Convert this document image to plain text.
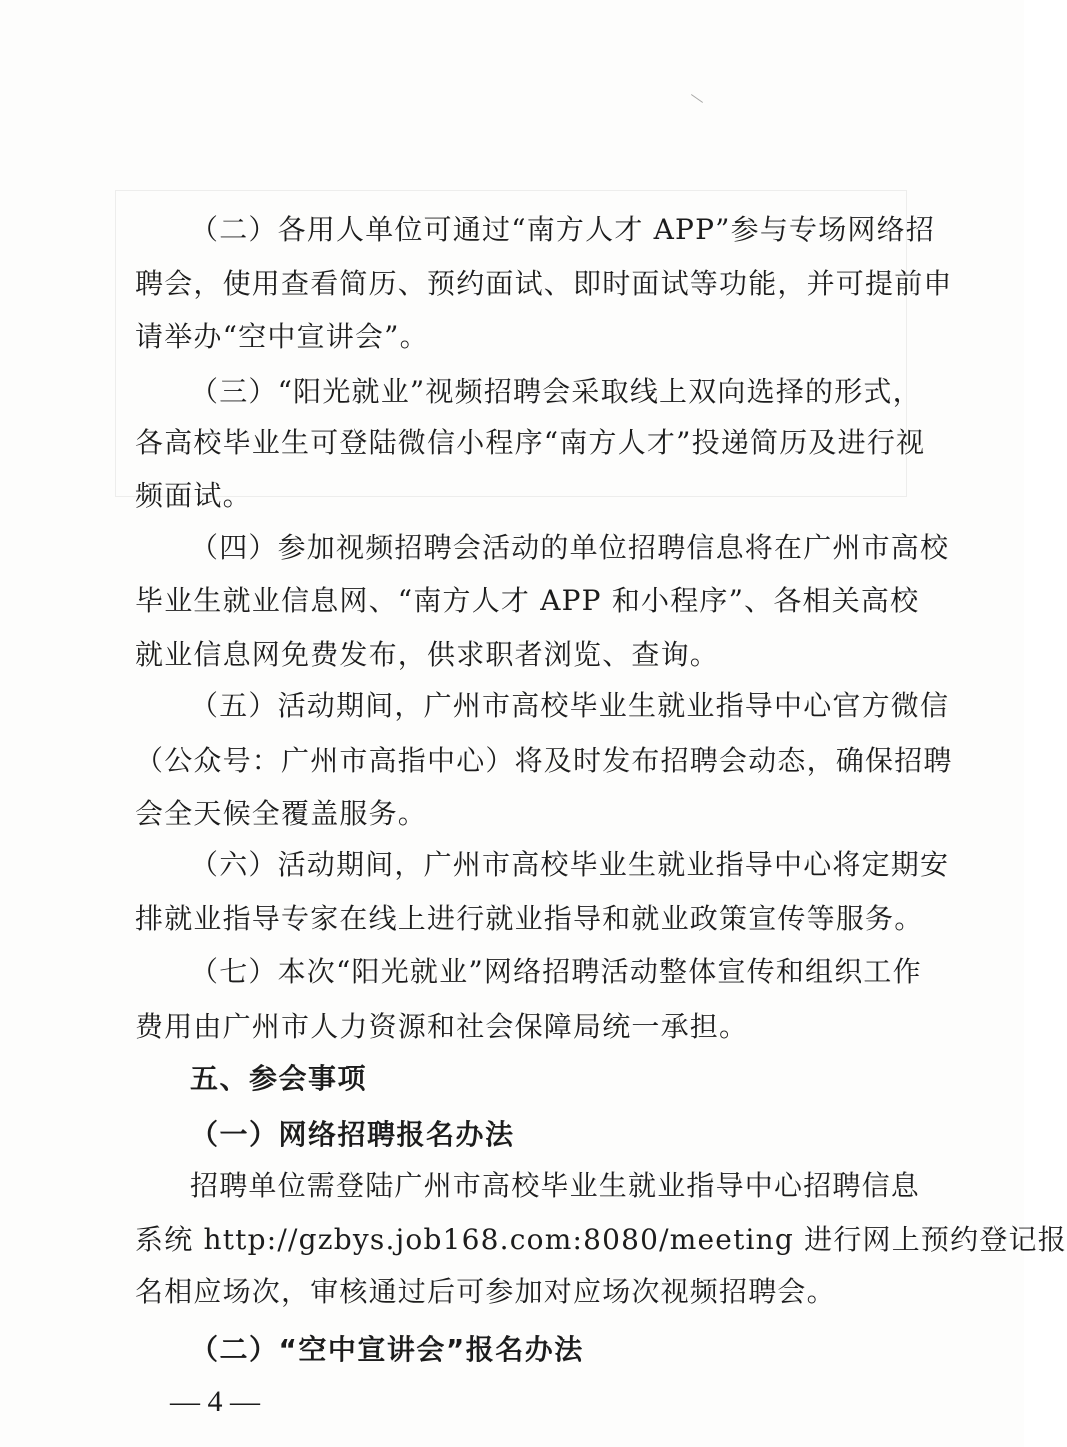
（二）各用人单位可通过“南方人才 APP”参与专场网络招
聘会，使用查看简历、预约面试、即时面试等功能，并可提前申
请举办“空中宣讲会”。
（三）“阳光就业”视频招聘会采取线上双向选择的形式，
各高校毕业生可登陆微信小程序“南方人才”投递简历及进行视
频面试。
（四）参加视频招聘会活动的单位招聘信息将在广州市高校
毕业生就业信息网、“南方人才 APP 和小程序”、各相关高校
就业信息网免费发布，供求职者浏览、查询。
（五）活动期间，广州市高校毕业生就业指导中心官方微信
（公众号：广州市高指中心）将及时发布招聘会动态，确保招聘
会全天候全覆盖服务。
（六）活动期间，广州市高校毕业生就业指导中心将定期安
排就业指导专家在线上进行就业指导和就业政策宣传等服务。
（七）本次“阳光就业”网络招聘活动整体宣传和组织工作
费用由广州市人力资源和社会保障局统一承担。
五、参会事项
（一）网络招聘报名办法
招聘单位需登陆广州市高校毕业生就业指导中心招聘信息
系统 http://gzbys.job168.com:8080/meeting 进行网上预约登记报
名相应场次，审核通过后可参加对应场次视频招聘会。
（二）“空中宣讲会”报名办法
— 4 —
